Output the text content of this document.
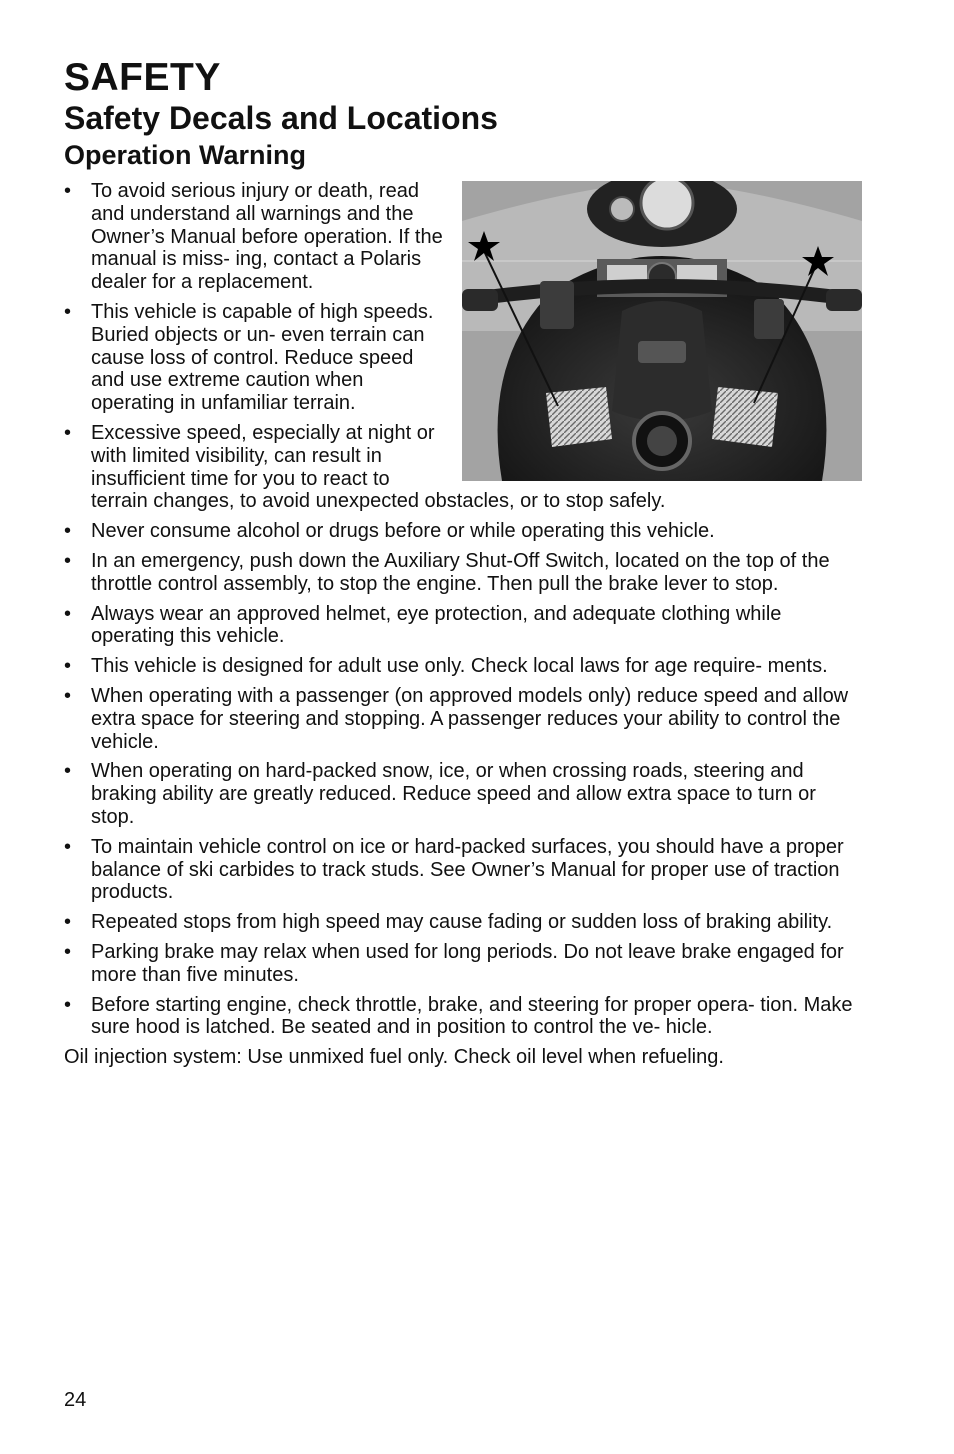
SAFETY
Safety Decals and Locations
Operation Warning
• To avoid serious injury or death, read and understand all warnings and the Owner’s Manual before operation. If the manual is miss- ing, contact a Polaris dealer for a replacement.
• This vehicle is capable of high speeds. Buried objects or un- even terrain can cause loss of control. Reduce speed and use extreme caution when operating in unfamiliar terrain.
• Excessive speed, especially at night or with limited visibility, can result in insufficient time for you to react to terrain changes, to avoid unexpected obstacles, or to stop safely.
• Never consume alcohol or drugs before or while operating this vehicle.
• In an emergency, push down the Auxiliary Shut-Off Switch, located on the top of the throttle control assembly, to stop the engine. Then pull the brake lever to stop.
• Always wear an approved helmet, eye protection, and adequate clothing while operating this vehicle.
• This vehicle is designed for adult use only. Check local laws for age require- ments.
• When operating with a passenger (on approved models only) reduce speed and allow extra space for steering and stopping. A passenger reduces your ability to control the vehicle.
• When operating on hard-packed snow, ice, or when crossing roads, steering and braking ability are greatly reduced. Reduce speed and allow extra space to turn or stop.
• To maintain vehicle control on ice or hard-packed surfaces, you should have a proper balance of ski carbides to track studs. See Owner’s Manual for proper use of traction products.
• Repeated stops from high speed may cause fading or sudden loss of braking ability.
• Parking brake may relax when used for long periods. Do not leave brake engaged for more than five minutes.
• Before starting engine, check throttle, brake, and steering for proper opera- tion. Make sure hood is latched. Be seated and in position to control the ve- hicle.
Oil injection system: Use unmixed fuel only. Check oil level when refueling.
24
